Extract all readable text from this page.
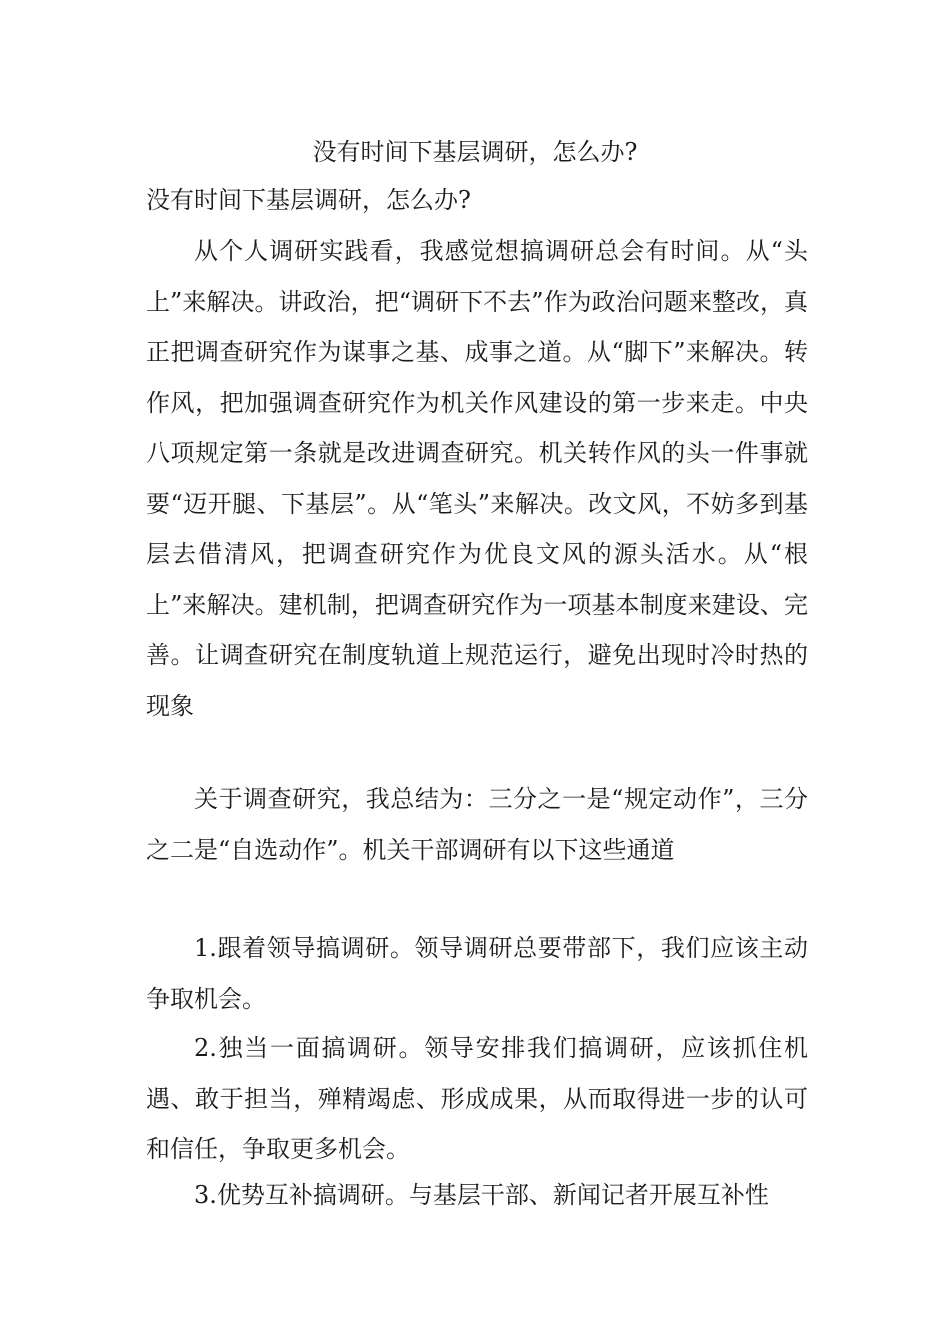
没有时间下基层调研，怎么办?
没有时间下基层调研，怎么办?

从个人调研实践看，我感觉想搞调研总会有时间。从“头上”来解决。讲政治，把“调研下不去”作为政治问题来整改，真正把调查研究作为谋事之基、成事之道。从“脚下”来解决。转作风，把加强调查研究作为机关作风建设的第一步来走。中央八项规定第一条就是改进调查研究。机关转作风的头一件事就要“迈开腿、下基层”。从“笔头”来解决。改文风，不妨多到基层去借清风，把调查研究作为优良文风的源头活水。从“根上”来解决。建机制，把调查研究作为一项基本制度来建设、完善。让调查研究在制度轨道上规范运行，避免出现时冷时热的现象

关于调查研究，我总结为：三分之一是“规定动作”，三分之二是“自选动作”。机关干部调研有以下这些通道

1.跟着领导搞调研。领导调研总要带部下，我们应该主动争取机会。

2.独当一面搞调研。领导安排我们搞调研，应该抓住机遇、敢于担当，殚精竭虑、形成成果，从而取得进一步的认可和信任，争取更多机会。

3.优势互补搞调研。与基层干部、新闻记者开展互补性
